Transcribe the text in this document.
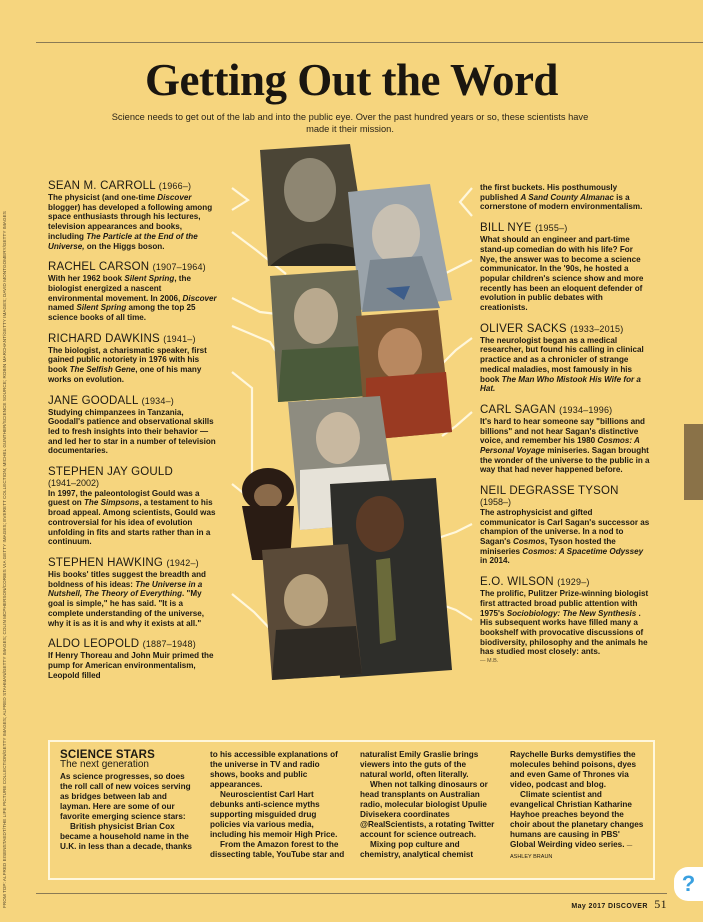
FROM TOP: ALFRED EISENSTAEDT/THE LIFE PICTURE COLLECTION/GETTY IMAGES; ALFRED STAHMAN/GETTY IMAGES; COLIN MCPHERSON/CORBIS VIA GETTY IMAGES; EVERETT COLLECTION; MICHEL GUNTHER/SCIENCE SOURCE; ROBIN MARCHANT/GETTY IMAGES; DAVID MONTGOMERY/GETTY IMAGES
Getting Out the Word

Science needs to get out of the lab and into the public eye. Over the past hundred years or so, these scientists have made it their mission.

SEAN M. CARROLL (1966–)
The physicist (and one-time Discover blogger) has developed a following among space enthusiasts through his lectures, television appearances and books, including The Particle at the End of the Universe, on the Higgs boson.
RACHEL CARSON (1907–1964)
With her 1962 book Silent Spring, the biologist energized a nascent environmental movement. In 2006, Discover named Silent Spring among the top 25 science books of all time.
RICHARD DAWKINS (1941–)
The biologist, a charismatic speaker, first gained public notoriety in 1976 with his book The Selfish Gene, one of his many works on evolution.
JANE GOODALL (1934–)
Studying chimpanzees in Tanzania, Goodall's patience and observational skills led to fresh insights into their behavior — and led her to star in a number of television documentaries.
STEPHEN JAY GOULD
(1941–2002)
In 1997, the paleontologist Gould was a guest on The Simpsons, a testament to his broad appeal. Among scientists, Gould was controversial for his idea of evolution unfolding in fits and starts rather than in a continuum.
STEPHEN HAWKING (1942–)
His books' titles suggest the breadth and boldness of his ideas: The Universe in a Nutshell, The Theory of Everything. "My goal is simple," he has said. "It is a complete understanding of the universe, why it is as it is and why it exists at all."
ALDO LEOPOLD (1887–1948)
If Henry Thoreau and John Muir primed the pump for American environmentalism, Leopold filled
the first buckets. His posthumously published A Sand County Almanac is a cornerstone of modern environmentalism.
BILL NYE (1955–)
What should an engineer and part-time stand-up comedian do with his life? For Nye, the answer was to become a science communicator. In the '90s, he hosted a popular children's science show and more recently has been an eloquent defender of evolution in public debates with creationists.
OLIVER SACKS (1933–2015)
The neurologist began as a medical researcher, but found his calling in clinical practice and as a chronicler of strange medical maladies, most famously in his book The Man Who Mistook His Wife for a Hat.
CARL SAGAN (1934–1996)
It's hard to hear someone say "billions and billions" and not hear Sagan's distinctive voice, and remember his 1980 Cosmos: A Personal Voyage miniseries. Sagan brought the wonder of the universe to the public in a way that had never happened before.
NEIL DEGRASSE TYSON
(1958–)
The astrophysicist and gifted communicator is Carl Sagan's successor as champion of the universe. In a nod to Sagan's Cosmos, Tyson hosted the miniseries Cosmos: A Spacetime Odyssey in 2014.
E.O. WILSON (1929–)
The prolific, Pulitzer Prize-winning biologist first attracted broad public attention with 1975's Sociobiology: The New Synthesis . His subsequent works have filled many a bookshelf with provocative discussions of biodiversity, philosophy and the animals he has studied most closely: ants.
— M.B.
SCIENCE STARS
The next generation
As science progresses, so does the roll call of new voices serving as bridges between lab and layman. Here are some of our favorite emerging science stars:
British physicist Brian Cox became a household name in the U.K. in less than a decade, thanks
to his accessible explanations of the universe in TV and radio shows, books and public appearances.
Neuroscientist Carl Hart debunks anti-science myths supporting misguided drug policies via various media, including his memoir High Price.
From the Amazon forest to the dissecting table, YouTube star and
naturalist Emily Graslie brings viewers into the guts of the natural world, often literally.
When not talking dinosaurs or head transplants on Australian radio, molecular biologist Upulie Divisekera coordinates @RealScientists, a rotating Twitter account for science outreach.
Mixing pop culture and chemistry, analytical chemist
Raychelle Burks demystifies the molecules behind poisons, dyes and even Game of Thrones via video, podcast and blog.
Climate scientist and evangelical Christian Katharine Hayhoe preaches beyond the choir about the planetary changes humans are causing in PBS' Global Weirding video series. — ASHLEY BRAUN
May 2017 DISCOVER 51
?
